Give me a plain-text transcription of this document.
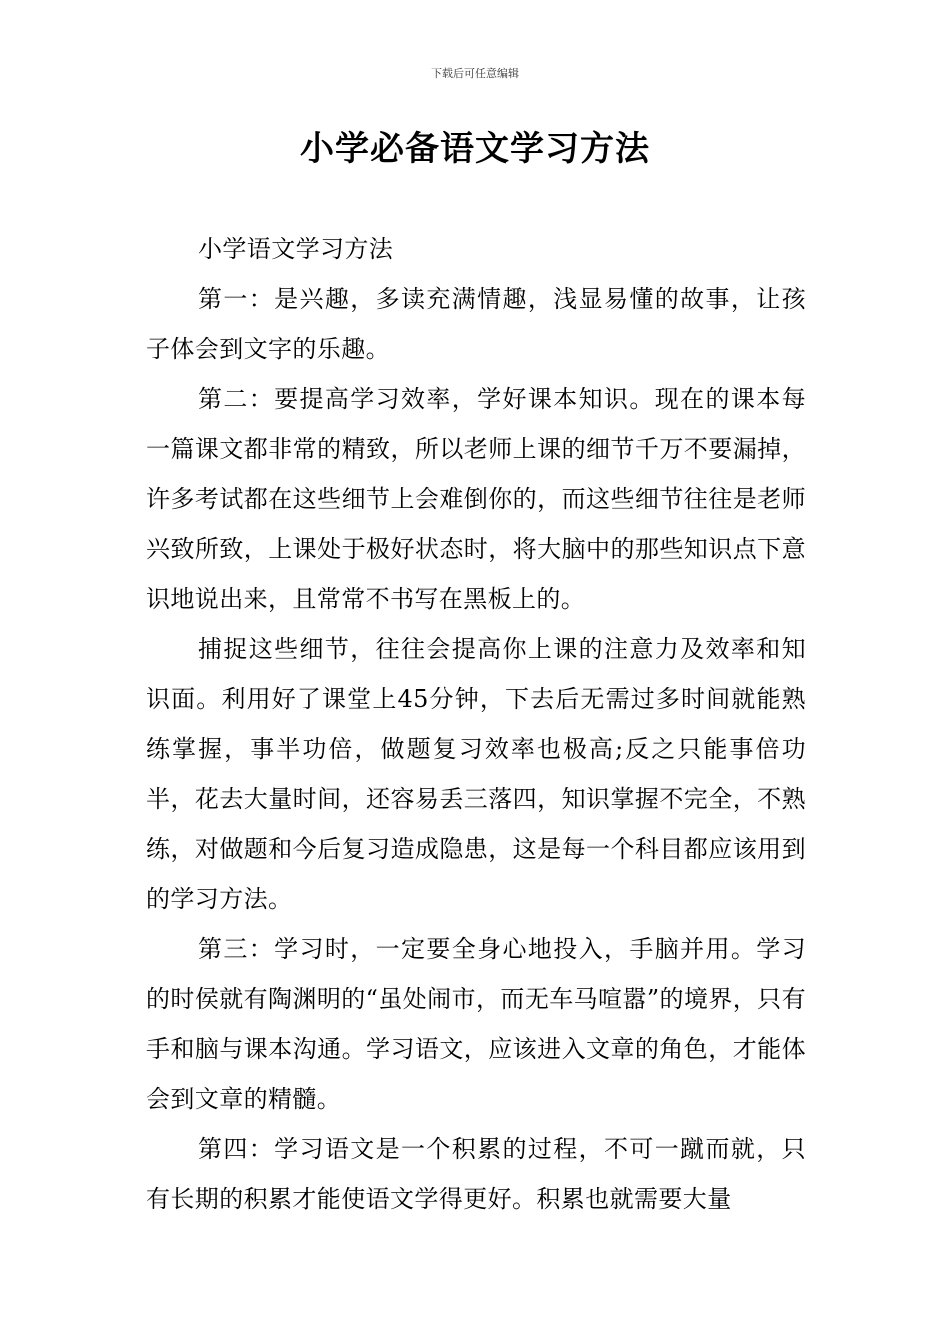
下载后可任意编辑
小学必备语文学习方法

小学语文学习方法

第一：是兴趣，多读充满情趣，浅显易懂的故事，让孩子体会到文字的乐趣。

第二：要提高学习效率，学好课本知识。现在的课本每一篇课文都非常的精致，所以老师上课的细节千万不要漏掉，许多考试都在这些细节上会难倒你的，而这些细节往往是老师兴致所致，上课处于极好状态时，将大脑中的那些知识点下意识地说出来，且常常不书写在黑板上的。

捕捉这些细节，往往会提高你上课的注意力及效率和知识面。利用好了课堂上45分钟，下去后无需过多时间就能熟练掌握，事半功倍，做题复习效率也极高;反之只能事倍功半，花去大量时间，还容易丢三落四，知识掌握不完全，不熟练，对做题和今后复习造成隐患，这是每一个科目都应该用到的学习方法。

第三：学习时，一定要全身心地投入，手脑并用。学习的时侯就有陶渊明的“虽处闹市，而无车马喧嚣”的境界，只有手和脑与课本沟通。学习语文，应该进入文章的角色，才能体会到文章的精髓。

第四：学习语文是一个积累的过程，不可一蹴而就，只有长期的积累才能使语文学得更好。积累也就需要大量
